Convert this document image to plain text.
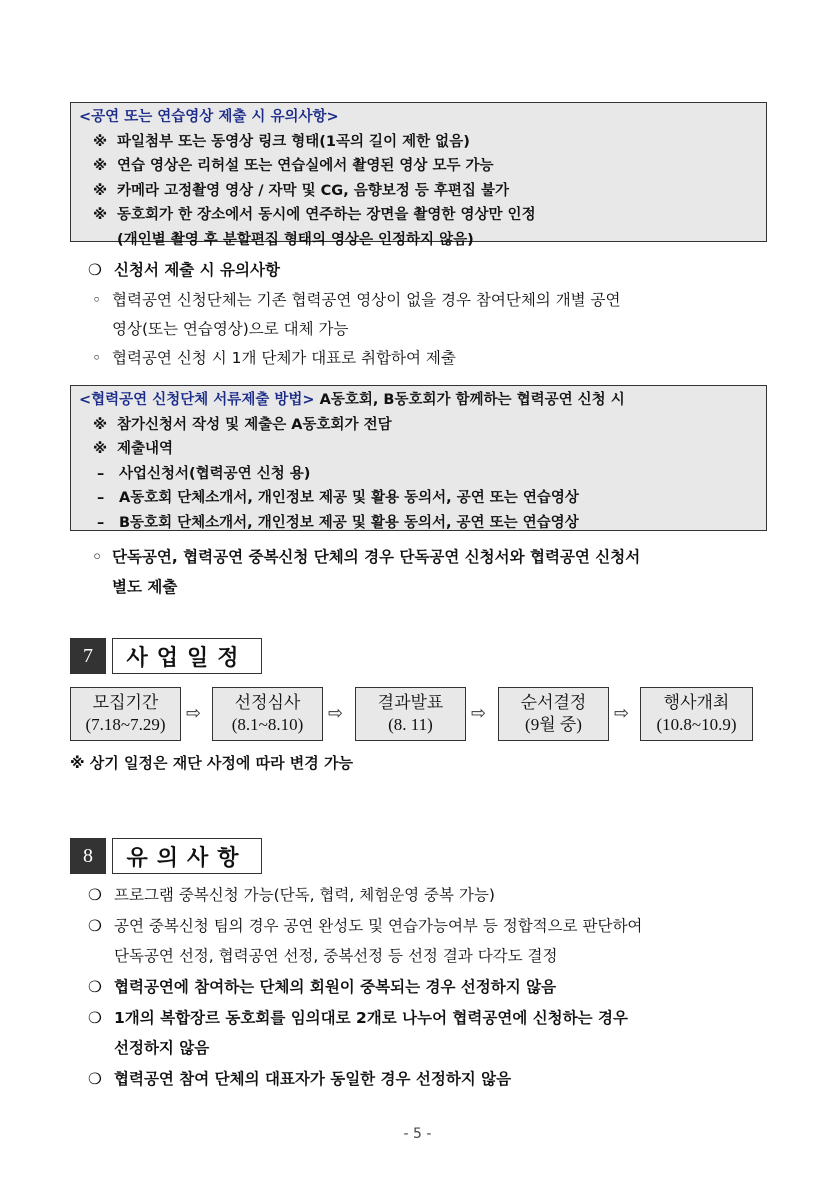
<공연 또는 연습영상 제출 시 유의사항>
※ 파일첨부 또는 동영상 링크 형태(1곡의 길이 제한 없음)
※ 연습 영상은 리허설 또는 연습실에서 촬영된 영상 모두 가능
※ 카메라 고정촬영 영상 / 자막 및 CG, 음향보정 등 후편집 불가
※ 동호회가 한 장소에서 동시에 연주하는 장면을 촬영한 영상만 인정
(개인별 촬영 후 분할편집 형태의 영상은 인정하지 않음)
❍ 신청서 제출 시 유의사항
◦ 협력공연 신청단체는 기존 협력공연 영상이 없을 경우 참여단체의 개별 공연
영상(또는 연습영상)으로 대체 가능
◦ 협력공연 신청 시 1개 단체가 대표로 취합하여 제출
<협력공연 신청단체 서류제출 방법> A동호회, B동호회가 함께하는 협력공연 신청 시
※ 참가신청서 작성 및 제출은 A동호회가 전담
※ 제출내역
– 사업신청서(협력공연 신청 용)
– A동호회 단체소개서, 개인정보 제공 및 활용 동의서, 공연 또는 연습영상
– B동호회 단체소개서, 개인정보 제공 및 활용 동의서, 공연 또는 연습영상
◦ 단독공연, 협력공연 중복신청 단체의 경우 단독공연 신청서와 협력공연 신청서
별도 제출
7	사업일정
모집기간
(7.18~7.29)
⇨
선정심사
(8.1~8.10)
⇨
결과발표
(8. 11)
⇨
순서결정
(9월 중)
⇨
행사개최
(10.8~10.9)
※ 상기 일정은 재단 사정에 따라 변경 가능
8	유의사항
❍ 프로그램 중복신청 가능(단독, 협력, 체험운영 중복 가능)
❍ 공연 중복신청 팀의 경우 공연 완성도 및 연습가능여부 등 정합적으로 판단하여
단독공연 선정, 협력공연 선정, 중복선정 등 선정 결과 다각도 결정
❍ 협력공연에 참여하는 단체의 회원이 중복되는 경우 선정하지 않음
❍ 1개의 복합장르 동호회를 임의대로 2개로 나누어 협력공연에 신청하는 경우
선정하지 않음
❍ 협력공연 참여 단체의 대표자가 동일한 경우 선정하지 않음
- 5 -
